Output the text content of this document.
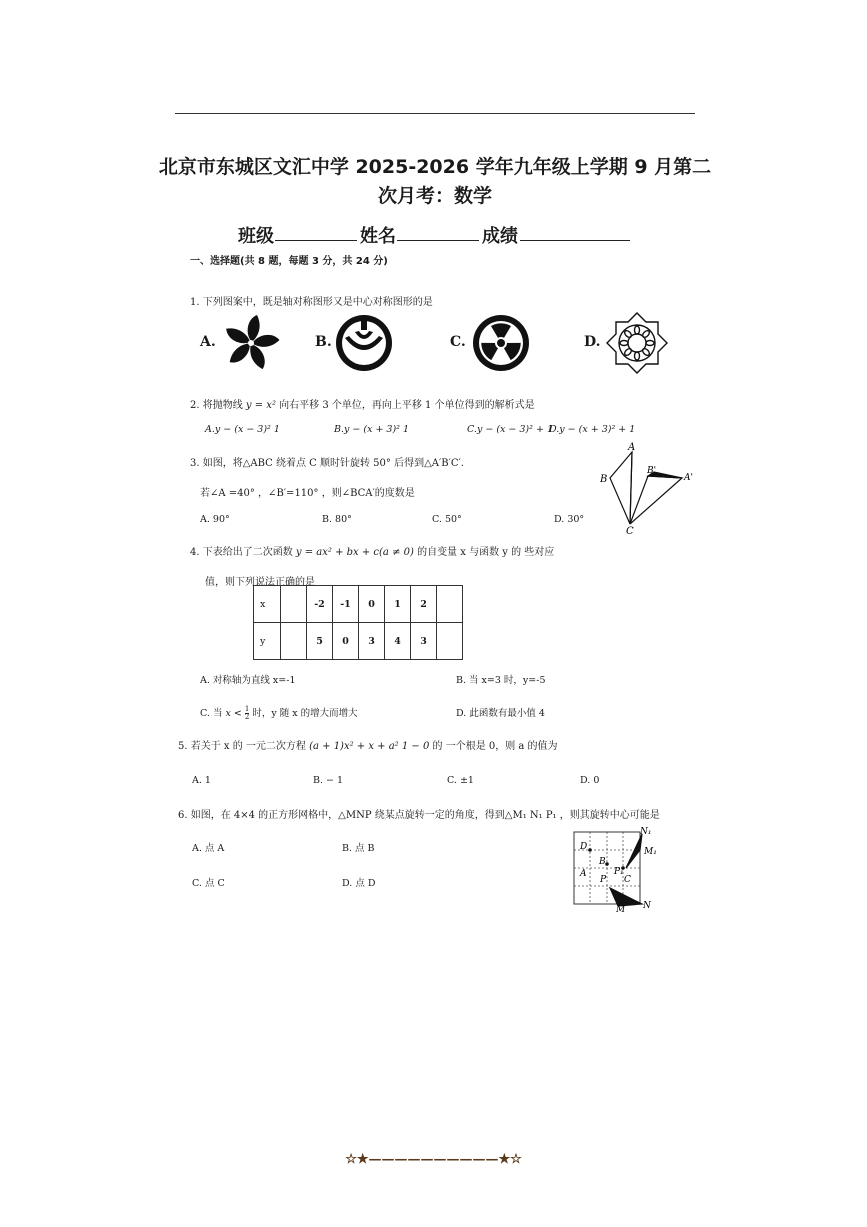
北京市东城区文汇中学 2025-2026 学年九年级上学期 9 月第二
次月考：数学
班级	姓名	成绩
一、选择题(共 8 题，每题 3 分，共 24 分)
1. 下列图案中，既是轴对称图形又是中心对称图形的是
A.	B.	C.	D.
2. 将抛物线 y = x² 向右平移 3 个单位，再向上平移 1 个单位得到的解析式是
A.y − (x − 3)² 1	B.y − (x + 3)² 1	C.y − (x − 3)² + 1
D.y − (x + 3)² + 1
3. 如图，将△ABC 绕着点 C 顺时针旋转 50° 后得到△A′B′C′.
若∠A =40° ，∠B′=110° ，则∠BCA′的度数是
A. 90°	B. 80°	C. 50°	D. 30°
A
B
C
B'
A'
4. 下表给出了二次函数 y = ax² + bx + c(a ≠ 0) 的自变量 x 与函数 y 的 些对应
值，则下列说法正确的是
x		-2	-1	0	1	2	
y		5	0	3	4	3	
A. 对称轴为直线 x=-1	B. 当 x=3 时，y=-5
C. 当 $x < \frac{1}{2}$ 时，y 随 x 的增大而增大	D. 此函数有最小值 4
5. 若关于 x 的 一元二次方程 (a + 1)x² + x + a² 1 − 0 的 一个根是 0，则 a 的值为
A. 1	B. − 1	C. ±1	D. 0
6. 如图，在 4×4 的正方形网格中，△MNP 绕某点旋转一定的角度，得到△M₁ N₁ P₁ ，则其旋转中心可能是
A. 点 A	B. 点 B
C. 点 C	D. 点 D
N₁
M₁
D
B
A
P
P₁
C
M N
☆★——————————★☆
